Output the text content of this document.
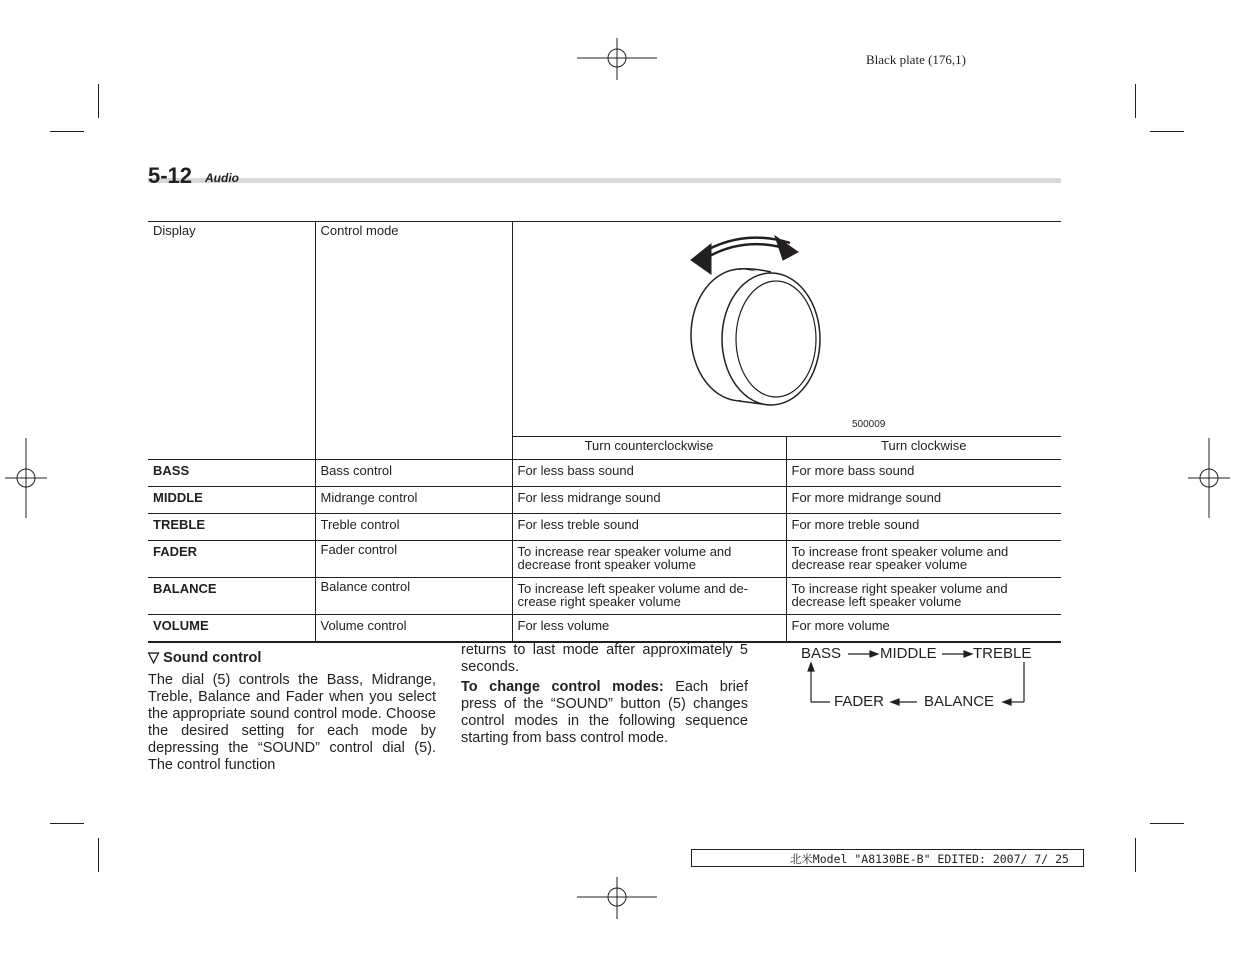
Black plate (176,1)
5-12 Audio
Display	Control mode	500009	

		Turn counterclockwise	Turn clockwise
BASS	Bass control	For less bass sound	For more bass sound
MIDDLE	Midrange control	For less midrange sound	For more midrange sound
TREBLE	Treble control	For less treble sound	For more treble sound
FADER	Fader control	To increase rear speaker volume and decrease front speaker volume	To increase front speaker volume and decrease rear speaker volume
BALANCE	Balance control	To increase left speaker volume and de-crease right speaker volume	To increase right speaker volume and decrease left speaker volume
VOLUME	Volume control	For less volume	For more volume

▽ Sound control

The dial (5) controls the Bass, Midrange, Treble, Balance and Fader when you select the appropriate sound control mode. Choose the desired setting for each mode by depressing the “SOUND” control dial (5). The control function

returns to last mode after approximately 5 seconds.

To change control modes: Each brief press of the “SOUND” button (5) changes control modes in the following sequence starting from bass control mode.

BASS	MIDDLE TREBLE
FADER	BALANCE
北米Model "A8130BE-B" EDITED: 2007/ 7/ 25
